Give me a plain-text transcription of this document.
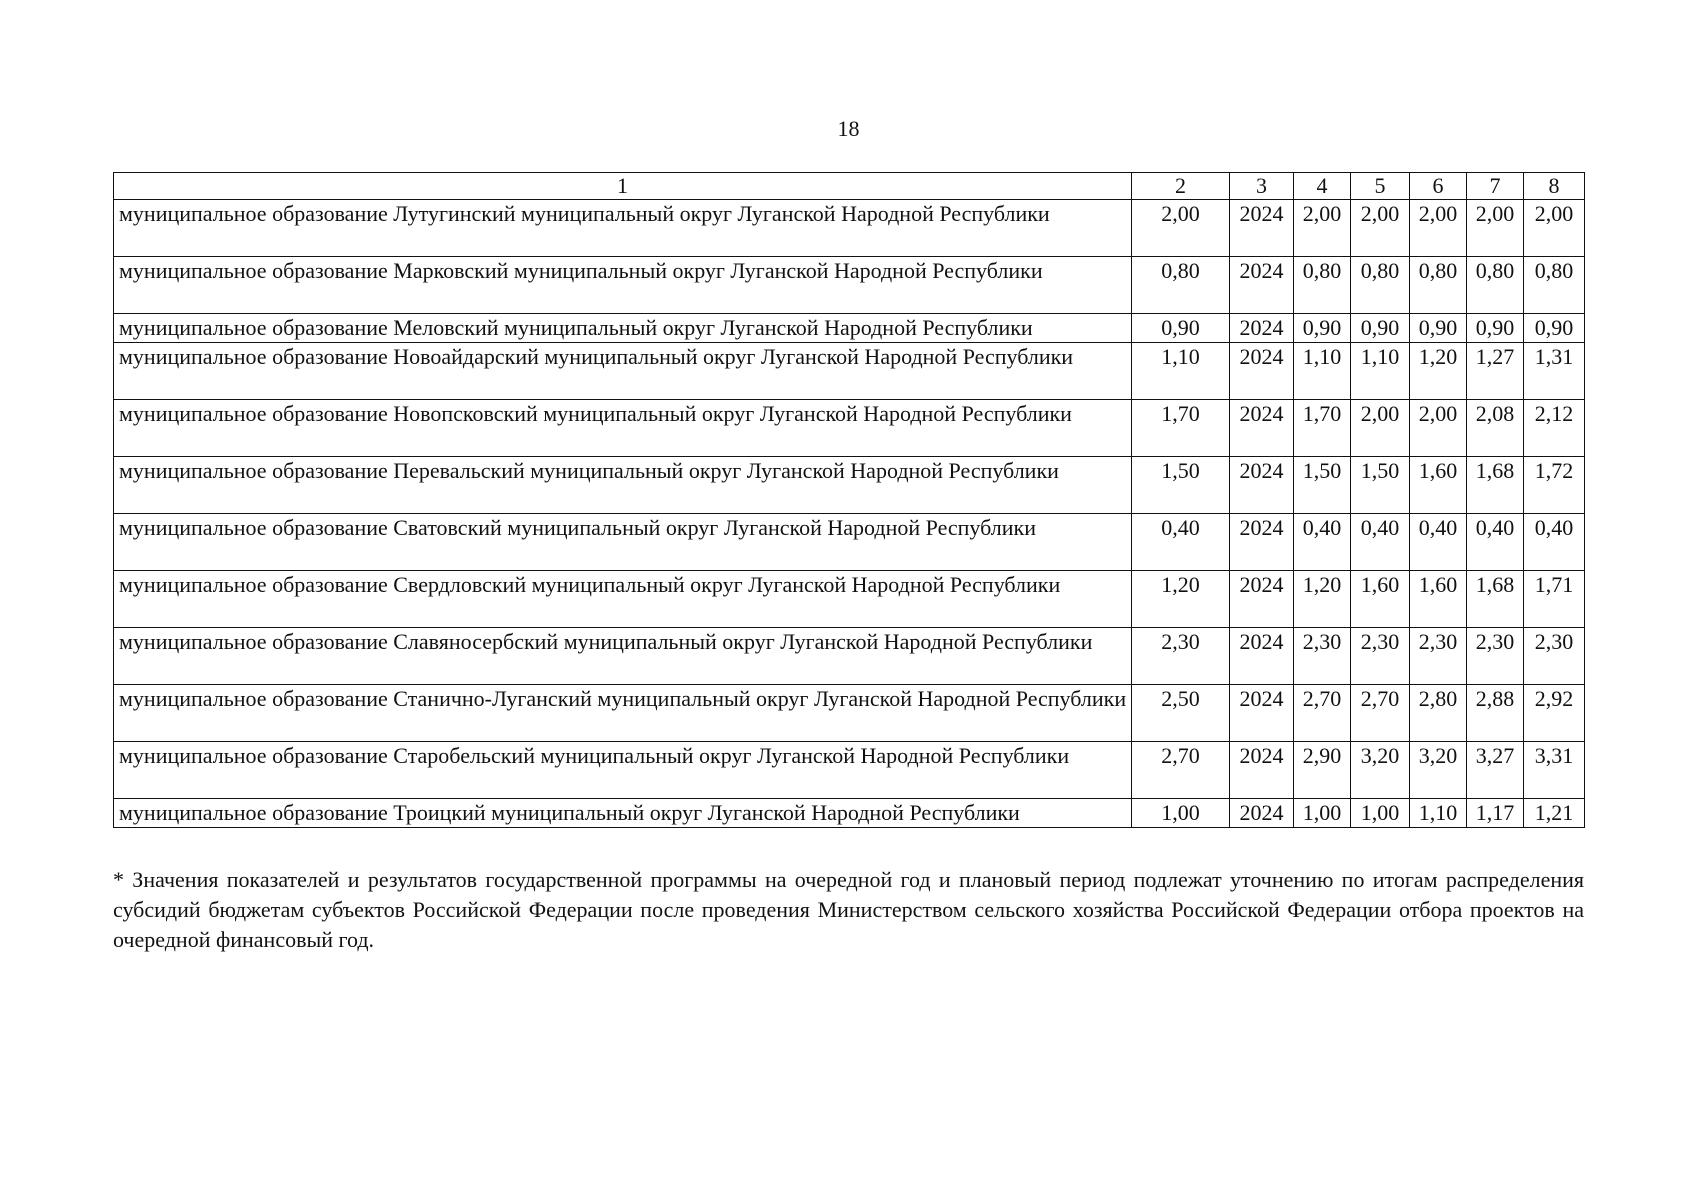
18
1	2	3	4	5	6	7	8
муниципальное образование Лутугинский муниципальный округ Луганской Народной Республики	2,00	2024	2,00	2,00	2,00	2,00	2,00
муниципальное образование Марковский муниципальный округ Луганской Народной Республики	0,80	2024	0,80	0,80	0,80	0,80	0,80
муниципальное образование Меловский муниципальный округ Луганской Народной Республики	0,90	2024	0,90	0,90	0,90	0,90	0,90
муниципальное образование Новоайдарский муниципальный округ Луганской Народной Республики	1,10	2024	1,10	1,10	1,20	1,27	1,31
муниципальное образование Новопсковский муниципальный округ Луганской Народной Республики	1,70	2024	1,70	2,00	2,00	2,08	2,12
муниципальное образование Перевальский муниципальный округ Луганской Народной Республики	1,50	2024	1,50	1,50	1,60	1,68	1,72
муниципальное образование Сватовский муниципальный округ Луганской Народной Республики	0,40	2024	0,40	0,40	0,40	0,40	0,40
муниципальное образование Свердловский муниципальный округ Луганской Народной Республики	1,20	2024	1,20	1,60	1,60	1,68	1,71
муниципальное образование Славяносербский муниципальный округ Луганской Народной Республики	2,30	2024	2,30	2,30	2,30	2,30	2,30
муниципальное образование Станично-Луганский муниципальный округ Луганской Народной Республики	2,50	2024	2,70	2,70	2,80	2,88	2,92
муниципальное образование Старобельский муниципальный округ Луганской Народной Республики	2,70	2024	2,90	3,20	3,20	3,27	3,31
муниципальное образование Троицкий муниципальный округ Луганской Народной Республики	1,00	2024	1,00	1,00	1,10	1,17	1,21
* Значения показателей и результатов государственной программы на очередной год и плановый период подлежат уточнению по итогам распределения субсидий бюджетам субъектов Российской Федерации после проведения Министерством сельского хозяйства Российской Федерации отбора проектов на очередной финансовый год.
